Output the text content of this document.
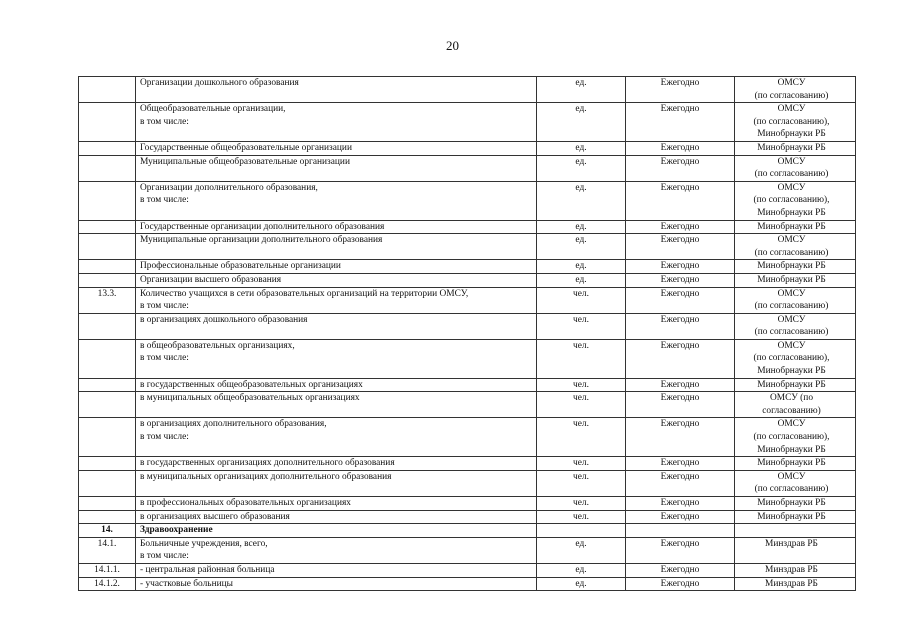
20

	Организации дошкольного образования	ед.	Ежегодно	ОМСУ
(по согласованию)

	Общеобразовательные организации,
в том числе:	ед.	Ежегодно	ОМСУ
(по согласованию),
Минобрнауки РБ

	Государственные общеобразовательные организации	ед.	Ежегодно	Минобрнауки РБ

	Муниципальные общеобразовательные организации	ед.	Ежегодно	ОМСУ
(по согласованию)

	Организации дополнительного образования,
в том числе:	ед.	Ежегодно	ОМСУ
(по согласованию),
Минобрнауки РБ

	Государственные организации дополнительного образования	ед.	Ежегодно	Минобрнауки РБ

	Муниципальные организации дополнительного образования	ед.	Ежегодно	ОМСУ
(по согласованию)

	Профессиональные образовательные организации	ед.	Ежегодно	Минобрнауки РБ

	Организации высшего образования	ед.	Ежегодно	Минобрнауки РБ

13.3.	Количество учащихся в сети образовательных организаций на территории ОМСУ,
в том числе:	чел.	Ежегодно	ОМСУ
(по согласованию)

	в организациях дошкольного образования	чел.	Ежегодно	ОМСУ
(по согласованию)

	в общеобразовательных организациях,
в том числе:	чел.	Ежегодно	ОМСУ
(по согласованию),
Минобрнауки РБ

	в государственных общеобразовательных организациях	чел.	Ежегодно	Минобрнауки РБ

	в муниципальных общеобразовательных организациях	чел.	Ежегодно	ОМСУ (по
согласованию)

	в организациях дополнительного образования,
в том числе:	чел.	Ежегодно	ОМСУ
(по согласованию),
Минобрнауки РБ

	в государственных организациях дополнительного образования	чел.	Ежегодно	Минобрнауки РБ

	в муниципальных организациях дополнительного образования	чел.	Ежегодно	ОМСУ
(по согласованию)

	в профессиональных образовательных организациях	чел.	Ежегодно	Минобрнауки РБ

	в организациях высшего образования	чел.	Ежегодно	Минобрнауки РБ

14.	Здравоохранение			

14.1.	Больничные учреждения, всего,
в том числе:	ед.	Ежегодно	Минздрав РБ

14.1.1.	- центральная районная больница	ед.	Ежегодно	Минздрав РБ

14.1.2.	- участковые больницы	ед.	Ежегодно	Минздрав РБ
